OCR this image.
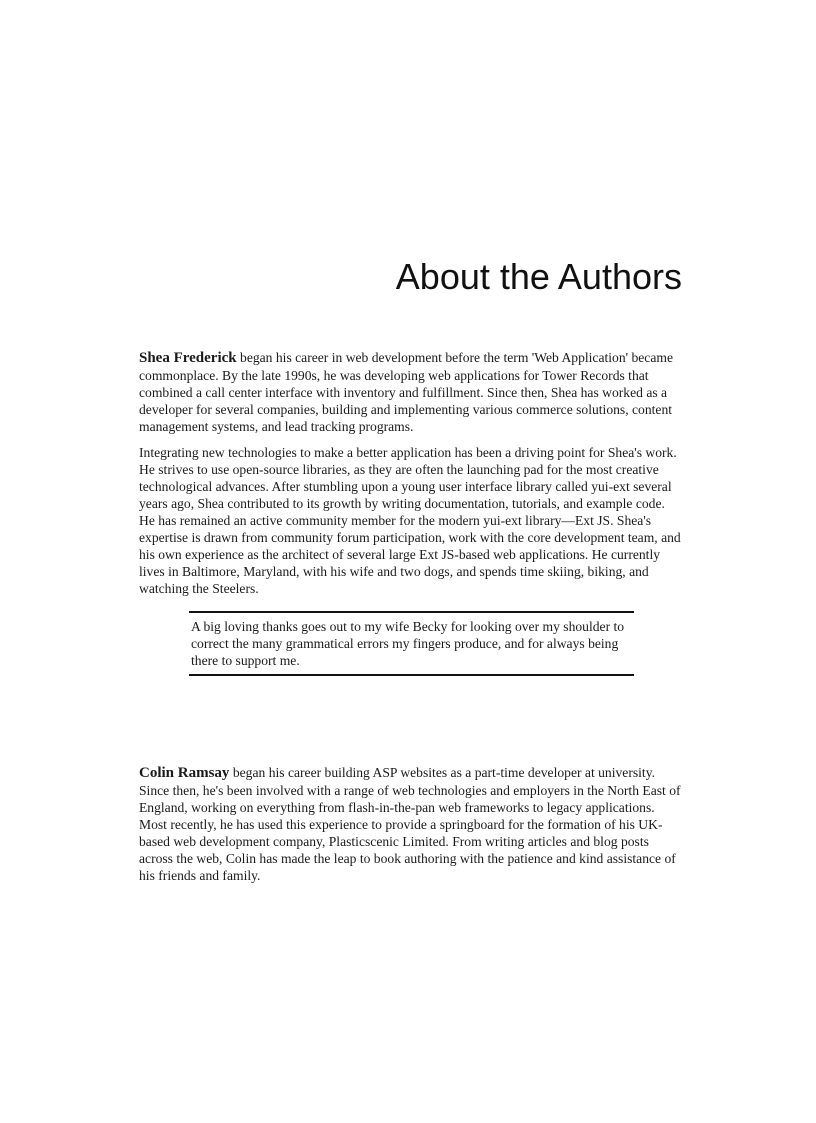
About the Authors

Shea Frederick began his career in web development before the term 'Web Application' became commonplace. By the late 1990s, he was developing web applications for Tower Records that combined a call center interface with inventory and fulfillment. Since then, Shea has worked as a developer for several companies, building and implementing various commerce solutions, content management systems, and lead tracking programs.

Integrating new technologies to make a better application has been a driving point for Shea's work. He strives to use open-source libraries, as they are often the launching pad for the most creative technological advances. After stumbling upon a young user interface library called yui-ext several years ago, Shea contributed to its growth by writing documentation, tutorials, and example code. He has remained an active community member for the modern yui-ext library—Ext JS. Shea's expertise is drawn from community forum participation, work with the core development team, and his own experience as the architect of several large Ext JS-based web applications. He currently lives in Baltimore, Maryland, with his wife and two dogs, and spends time skiing, biking, and watching the Steelers.

A big loving thanks goes out to my wife Becky for looking over my shoulder to correct the many grammatical errors my fingers produce, and for always being there to support me.

Colin Ramsay began his career building ASP websites as a part-time developer at university. Since then, he's been involved with a range of web technologies and employers in the North East of England, working on everything from flash-in-the-pan web frameworks to legacy applications. Most recently, he has used this experience to provide a springboard for the formation of his UK-based web development company, Plasticscenic Limited. From writing articles and blog posts across the web, Colin has made the leap to book authoring with the patience and kind assistance of his friends and family.
